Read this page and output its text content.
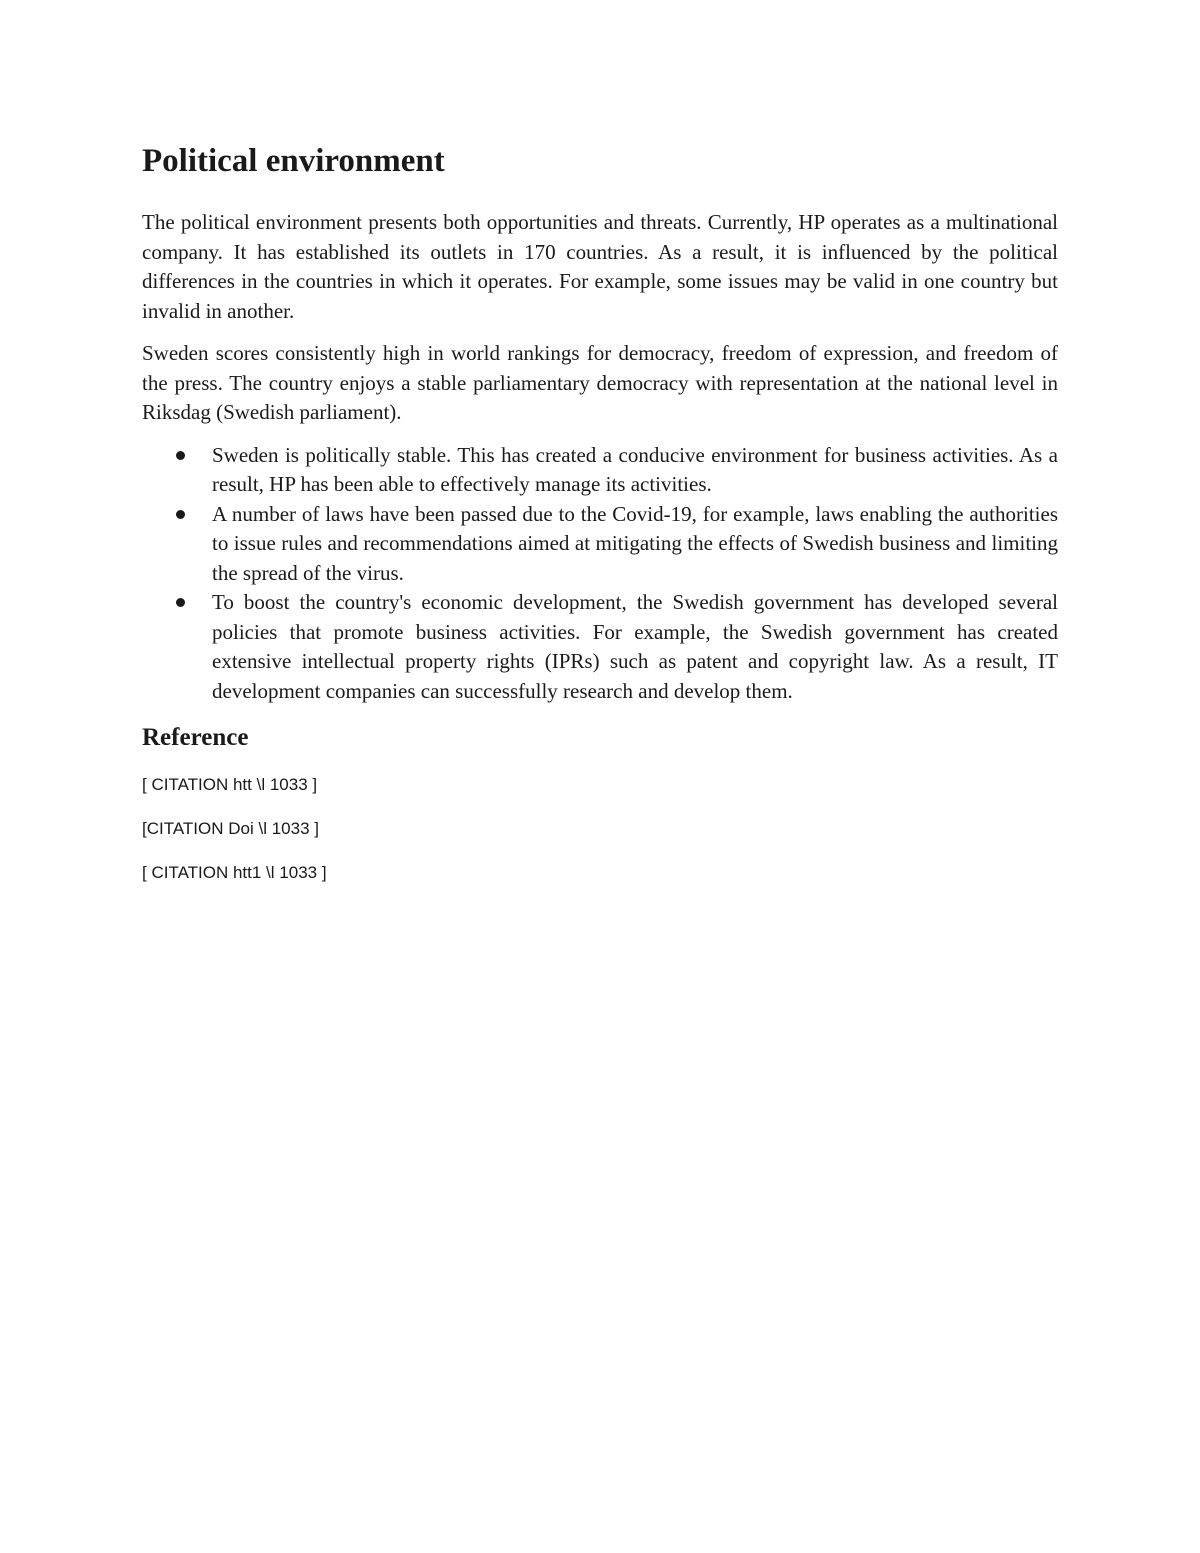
Political environment

The political environment presents both opportunities and threats. Currently, HP operates as a multinational company. It has established its outlets in 170 countries. As a result, it is influenced by the political differences in the countries in which it operates. For example, some issues may be valid in one country but invalid in another.

Sweden scores consistently high in world rankings for democracy, freedom of expression, and freedom of the press. The country enjoys a stable parliamentary democracy with representation at the national level in Riksdag (Swedish parliament).

Sweden is politically stable. This has created a conducive environment for business activities. As a result, HP has been able to effectively manage its activities.
A number of laws have been passed due to the Covid-19, for example, laws enabling the authorities to issue rules and recommendations aimed at mitigating the effects of Swedish business and limiting the spread of the virus.
To boost the country's economic development, the Swedish government has developed several policies that promote business activities. For example, the Swedish government has created extensive intellectual property rights (IPRs) such as patent and copyright law. As a result, IT development companies can successfully research and develop them.
Reference

[ CITATION htt \l 1033 ]

[CITATION Doi \l 1033 ]

[ CITATION htt1 \l 1033 ]
